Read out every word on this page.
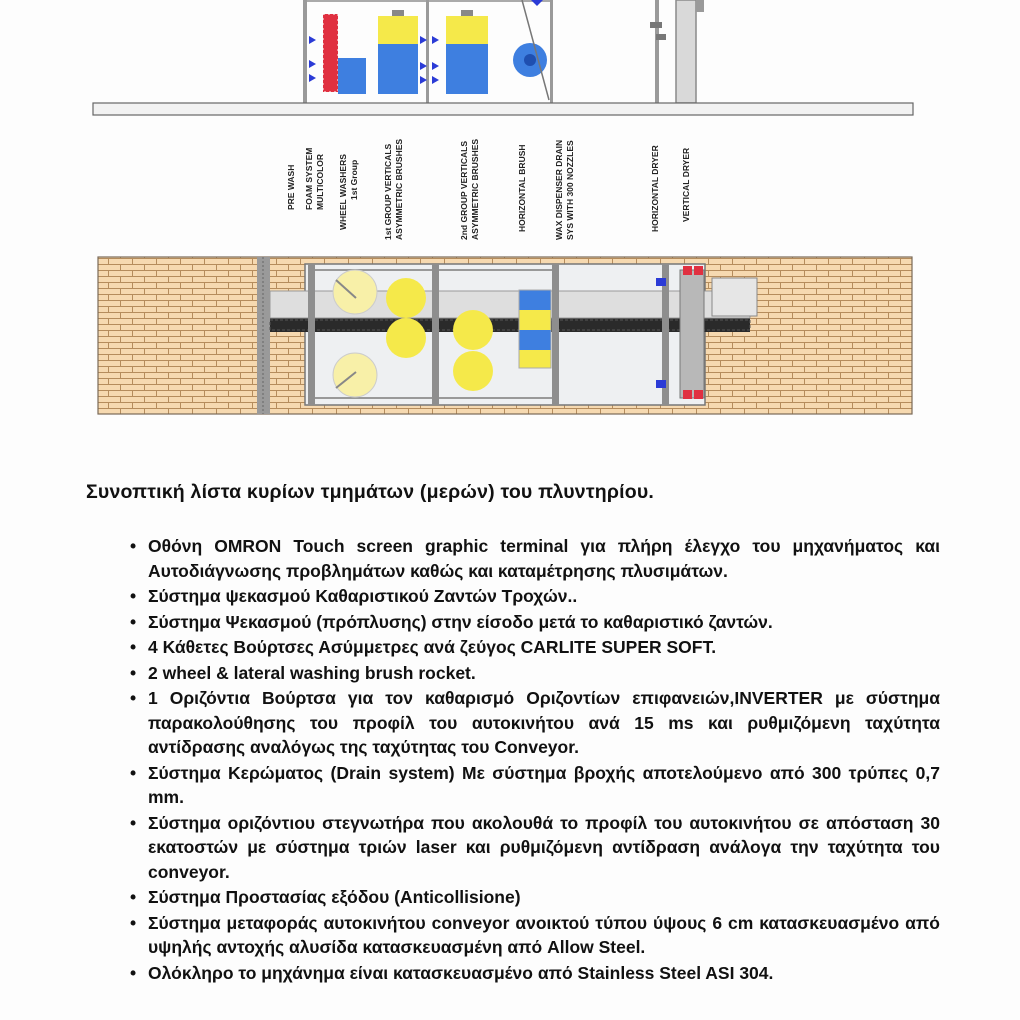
PRE WASH FOAM SYSTEM MULTICOLOR WHEEL WASHERS 1st Group	1st GROUP VERTICALS ASYMMETRIC BRUSHES	2nd GROUP VERTICALS ASYMMETRIC BRUSHES	HORIZONTAL BRUSH	WAX DISPENSER DRAIN SYS WITH 300 NOZZLES	HORIZONTAL DRYER VERTICAL DRYER
Συνοπτική λίστα κυρίων τμημάτων (μερών) του πλυντηρίου.
• Οθόνη OMRON Touch screen graphic terminal για πλήρη έλεγχο του μηχανήματος και Αυτοδιάγνωσης προβλημάτων καθώς και καταμέτρησης πλυσιμάτων.
• Σύστημα ψεκασμού Καθαριστικού Ζαντών Τροχών..
• Σύστημα Ψεκασμού (πρόπλυσης) στην είσοδο μετά το καθαριστικό ζαντών.
• 4 Κάθετες Βούρτσες Ασύμμετρες ανά ζεύγος CARLITE SUPER SOFT.
• 2 wheel & lateral washing brush rocket.
• 1 Οριζόντια Βούρτσα για τον καθαρισμό Οριζοντίων επιφανειών,INVERTER με σύστημα παρακολούθησης του προφίλ του αυτοκινήτου ανά 15 ms και ρυθμιζόμενη ταχύτητα αντίδρασης αναλόγως της ταχύτητας του Conveyor.
• Σύστημα Κερώματος (Drain system) Με σύστημα βροχής αποτελούμενο από 300 τρύπες 0,7 mm.
• Σύστημα οριζόντιου στεγνωτήρα που ακολουθά το προφίλ του αυτοκινήτου σε απόσταση 30 εκατοστών με σύστημα τριών laser και ρυθμιζόμενη αντίδραση ανάλογα την ταχύτητα του conveyor.
• Σύστημα Προστασίας εξόδου (Anticollisione)
• Σύστημα μεταφοράς αυτοκινήτου conveyor ανοικτού τύπου ύψους 6 cm κατασκευασμένο από υψηλής αντοχής αλυσίδα κατασκευασμένη από Allow Steel.
• Ολόκληρο το μηχάνημα είναι κατασκευασμένο από Stainless Steel ASI 304.
